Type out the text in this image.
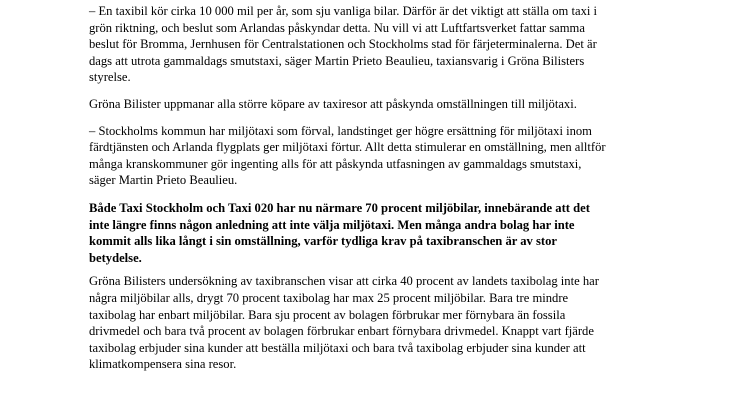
– En taxibil kör cirka 10 000 mil per år, som sju vanliga bilar. Därför är det viktigt att ställa om taxi i
grön riktning, och beslut som Arlandas påskyndar detta. Nu vill vi att Luftfartsverket fattar samma
beslut för Bromma, Jernhusen för Centralstationen och Stockholms stad för färjeterminalerna. Det är
dags att utrota gammaldags smutstaxi, säger Martin Prieto Beaulieu, taxiansvarig i Gröna Bilisters
styrelse.

Gröna Bilister uppmanar alla större köpare av taxiresor att påskynda omställningen till miljötaxi.

– Stockholms kommun har miljötaxi som förval, landstinget ger högre ersättning för miljötaxi inom
färdtjänsten och Arlanda flygplats ger miljötaxi förtur. Allt detta stimulerar en omställning, men alltför
många kranskommuner gör ingenting alls för att påskynda utfasningen av gammaldags smutstaxi,
säger Martin Prieto Beaulieu.

Både Taxi Stockholm och Taxi 020 har nu närmare 70 procent miljöbilar, innebärande att det
inte längre finns någon anledning att inte välja miljötaxi. Men många andra bolag har inte
kommit alls lika långt i sin omställning, varför tydliga krav på taxibranschen är av stor
betydelse.

Gröna Bilisters undersökning av taxibranschen visar att cirka 40 procent av landets taxibolag inte har
några miljöbilar alls, drygt 70 procent taxibolag har max 25 procent miljöbilar. Bara tre mindre
taxibolag har enbart miljöbilar. Bara sju procent av bolagen förbrukar mer förnybara än fossila
drivmedel och bara två procent av bolagen förbrukar enbart förnybara drivmedel. Knappt vart fjärde
taxibolag erbjuder sina kunder att beställa miljötaxi och bara två taxibolag erbjuder sina kunder att
klimatkompensera sina resor.
